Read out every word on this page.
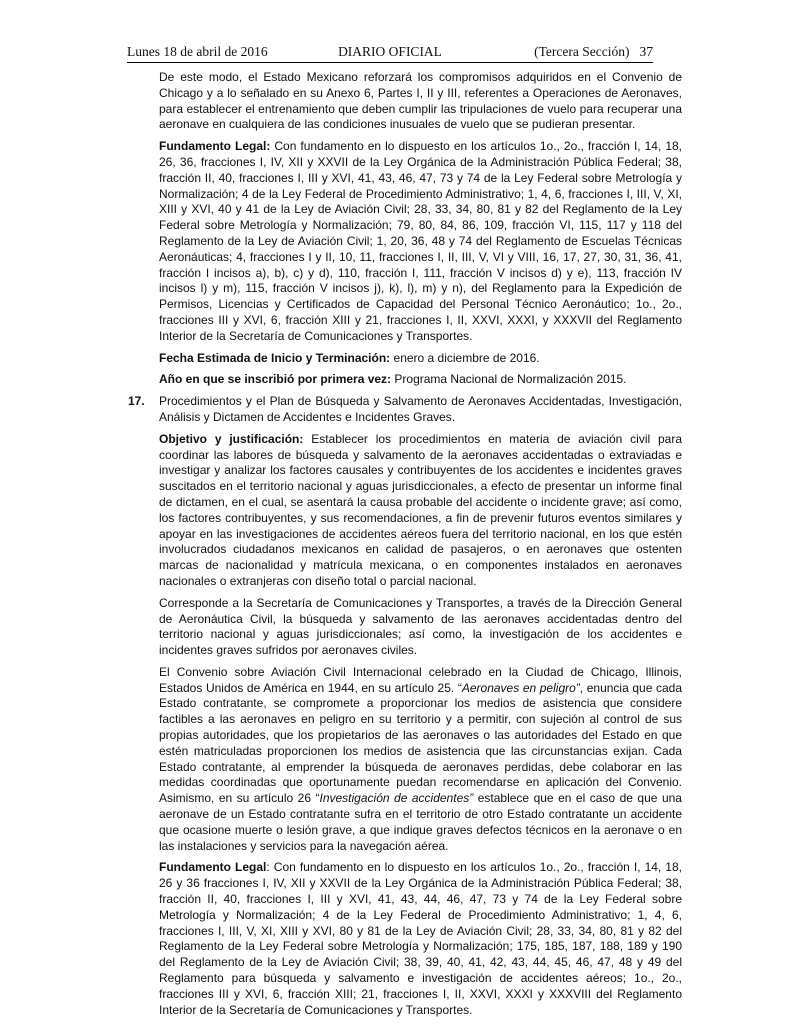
Lunes 18 de abril de 2016	DIARIO OFICIAL	(Tercera Sección) 37

De este modo, el Estado Mexicano reforzará los compromisos adquiridos en el Convenio de Chicago y a lo señalado en su Anexo 6, Partes I, II y III, referentes a Operaciones de Aeronaves, para establecer el entrenamiento que deben cumplir las tripulaciones de vuelo para recuperar una aeronave en cualquiera de las condiciones inusuales de vuelo que se pudieran presentar.

Fundamento Legal: Con fundamento en lo dispuesto en los artículos 1o., 2o., fracción I, 14, 18, 26, 36, fracciones I, IV, XII y XXVII de la Ley Orgánica de la Administración Pública Federal; 38, fracción II, 40, fracciones I, III y XVI, 41, 43, 46, 47, 73 y 74 de la Ley Federal sobre Metrología y Normalización; 4 de la Ley Federal de Procedimiento Administrativo; 1, 4, 6, fracciones I, III, V, XI, XIII y XVI, 40 y 41 de la Ley de Aviación Civil; 28, 33, 34, 80, 81 y 82 del Reglamento de la Ley Federal sobre Metrología y Normalización; 79, 80, 84, 86, 109, fracción VI, 115, 117 y 118 del Reglamento de la Ley de Aviación Civil; 1, 20, 36, 48 y 74 del Reglamento de Escuelas Técnicas Aeronáuticas; 4, fracciones I y II, 10, 11, fracciones I, II, III, V, VI y VIII, 16, 17, 27, 30, 31, 36, 41, fracción I incisos a), b), c) y d), 110, fracción I, 111, fracción V incisos d) y e), 113, fracción IV incisos l) y m), 115, fracción V incisos j), k), l), m) y n), del Reglamento para la Expedición de Permisos, Licencias y Certificados de Capacidad del Personal Técnico Aeronáutico; 1o., 2o., fracciones III y XVI, 6, fracción XIII y 21, fracciones I, II, XXVI, XXXI, y XXXVII del Reglamento Interior de la Secretaría de Comunicaciones y Transportes.

Fecha Estimada de Inicio y Terminación: enero a diciembre de 2016.

Año en que se inscribió por primera vez: Programa Nacional de Normalización 2015.

17. Procedimientos y el Plan de Búsqueda y Salvamento de Aeronaves Accidentadas, Investigación, Análisis y Dictamen de Accidentes e Incidentes Graves.

Objetivo y justificación: Establecer los procedimientos en materia de aviación civil para coordinar las labores de búsqueda y salvamento de la aeronaves accidentadas o extraviadas e investigar y analizar los factores causales y contribuyentes de los accidentes e incidentes graves suscitados en el territorio nacional y aguas jurisdiccionales, a efecto de presentar un informe final de dictamen, en el cual, se asentará la causa probable del accidente o incidente grave; así como, los factores contribuyentes, y sus recomendaciones, a fin de prevenir futuros eventos similares y apoyar en las investigaciones de accidentes aéreos fuera del territorio nacional, en los que estén involucrados ciudadanos mexicanos en calidad de pasajeros, o en aeronaves que ostenten marcas de nacionalidad y matrícula mexicana, o en componentes instalados en aeronaves nacionales o extranjeras con diseño total o parcial nacional.

Corresponde a la Secretaría de Comunicaciones y Transportes, a través de la Dirección General de Aeronáutica Civil, la búsqueda y salvamento de las aeronaves accidentadas dentro del territorio nacional y aguas jurisdiccionales; así como, la investigación de los accidentes e incidentes graves sufridos por aeronaves civiles.

El Convenio sobre Aviación Civil Internacional celebrado en la Ciudad de Chicago, Illinois, Estados Unidos de América en 1944, en su artículo 25. “Aeronaves en peligro”, enuncia que cada Estado contratante, se compromete a proporcionar los medios de asistencia que considere factibles a las aeronaves en peligro en su territorio y a permitir, con sujeción al control de sus propias autoridades, que los propietarios de las aeronaves o las autoridades del Estado en que estén matriculadas proporcionen los medios de asistencia que las circunstancias exijan. Cada Estado contratante, al emprender la búsqueda de aeronaves perdidas, debe colaborar en las medidas coordinadas que oportunamente puedan recomendarse en aplicación del Convenio. Asimismo, en su artículo 26 “Investigación de accidentes” establece que en el caso de que una aeronave de un Estado contratante sufra en el territorio de otro Estado contratante un accidente que ocasione muerte o lesión grave, a que indique graves defectos técnicos en la aeronave o en las instalaciones y servicios para la navegación aérea.

Fundamento Legal: Con fundamento en lo dispuesto en los artículos 1o., 2o., fracción I, 14, 18, 26 y 36 fracciones I, IV, XII y XXVII de la Ley Orgánica de la Administración Pública Federal; 38, fracción II, 40, fracciones I, III y XVI, 41, 43, 44, 46, 47, 73 y 74 de la Ley Federal sobre Metrología y Normalización; 4 de la Ley Federal de Procedimiento Administrativo; 1, 4, 6, fracciones I, III, V, XI, XIII y XVI, 80 y 81 de la Ley de Aviación Civil; 28, 33, 34, 80, 81 y 82 del Reglamento de la Ley Federal sobre Metrología y Normalización; 175, 185, 187, 188, 189 y 190 del Reglamento de la Ley de Aviación Civil; 38, 39, 40, 41, 42, 43, 44, 45, 46, 47, 48 y 49 del Reglamento para búsqueda y salvamento e investigación de accidentes aéreos; 1o., 2o., fracciones III y XVI, 6, fracción XIII; 21, fracciones I, II, XXVI, XXXI y XXXVIII del Reglamento Interior de la Secretaría de Comunicaciones y Transportes.
